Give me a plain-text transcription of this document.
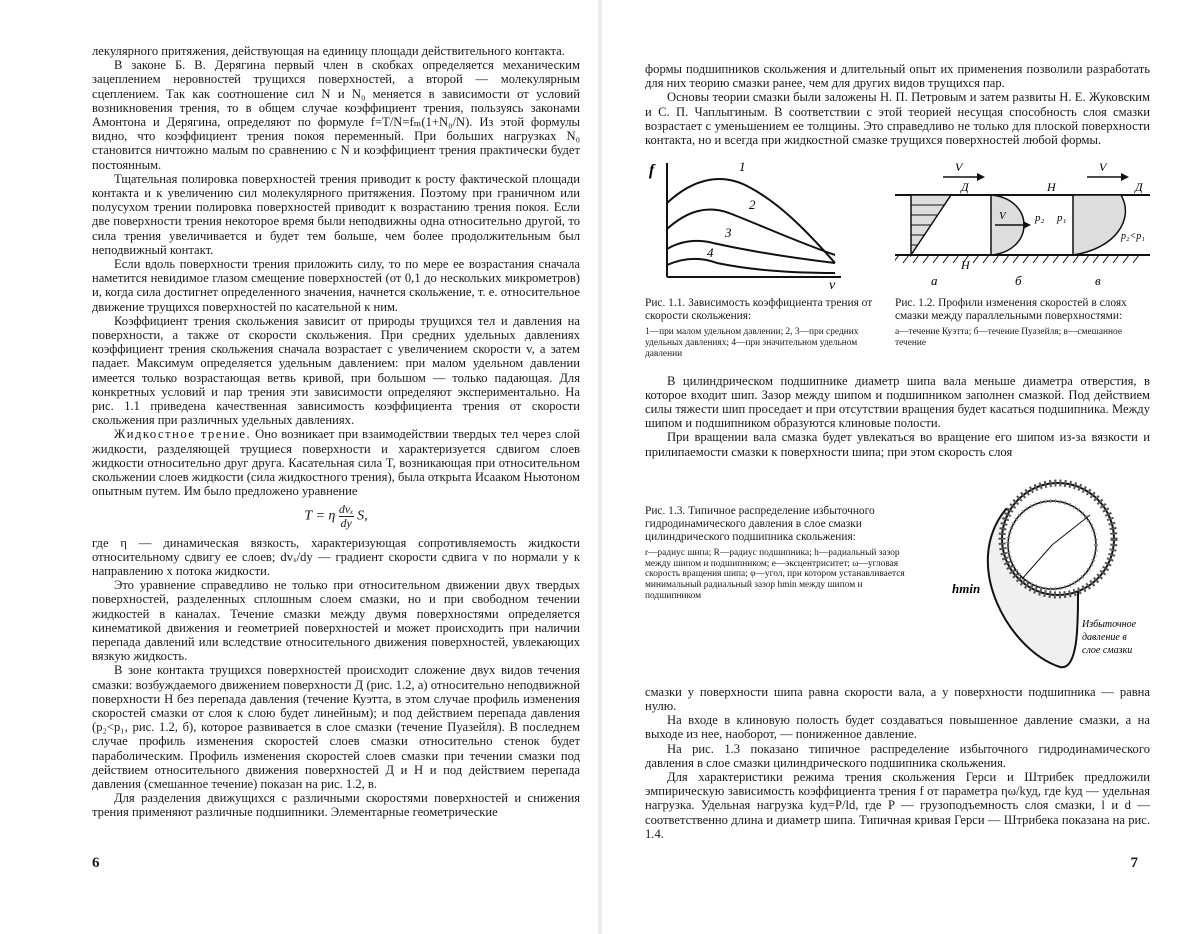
лекулярного притяжения, действующая на единицу площади действительного контакта.

В законе Б. В. Дерягина первый член в скобках определяется механическим зацеплением неровностей трущихся поверхностей, а второй — молекулярным сцеплением. Так как соотношение сил N и N₀ меняется в зависимости от условий возникновения трения, то в общем случае коэффициент трения, пользуясь законами Амонтона и Дерягина, определяют по формуле f=T/N=fₘ(1+N₀/N). Из этой формулы видно, что коэффициент трения покоя переменный. При больших нагрузках N₀ становится ничтожно малым по сравнению с N и коэффициент трения практически будет постоянным.

Тщательная полировка поверхностей трения приводит к росту фактической площади контакта и к увеличению сил молекулярного притяжения. Поэтому при граничном или полусухом трении полировка поверхностей приводит к возрастанию трения покоя. Если две поверхности трения некоторое время были неподвижны одна относительно другой, то сила трения увеличивается и будет тем больше, чем более продолжительным был неподвижный контакт.

Если вдоль поверхности трения приложить силу, то по мере ее возрастания сначала наметится невидимое глазом смещение поверхностей (от 0,1 до нескольких микрометров) и, когда сила достигнет определенного значения, начнется скольжение, т. е. относительное движение трущихся поверхностей по касательной к ним.

Коэффициент трения скольжения зависит от природы трущихся тел и давления на поверхности, а также от скорости скольжения. При средних удельных давлениях коэффициент трения скольжения сначала возрастает с увеличением скорости v, а затем падает. Максимум определяется удельным давлением: при малом удельном давлении имеется только возрастающая ветвь кривой, при большом — только падающая. Для конкретных условий и пар трения эти зависимости определяют экспериментально. На рис. 1.1 приведена качественная зависимость коэффициента трения от скорости скольжения при различных удельных давлениях.

Жидкостное трение. Оно возникает при взаимодействии твердых тел через слой жидкости, разделяющей трущиеся поверхности и характеризуется сдвигом слоев жидкости относительно друг друга. Касательная сила T, возникающая при относительном скольжении слоев жидкости (сила жидкостного трения), была открыта Исааком Ньютоном опытным путем. Им было предложено уравнение

T = η $\frac{\text{dvₓ}}{dy} S$,

где η — динамическая вязкость, характеризующая сопротивляемость жидкости относительному сдвигу ее слоев; dvₓ/dy — градиент скорости сдвига v по нормали y к направлению x потока жидкости.

Это уравнение справедливо не только при относительном движении двух твердых поверхностей, разделенных сплошным слоем смазки, но и при свободном течении жидкостей в каналах. Течение смазки между двумя поверхностями определяется кинематикой движения и геометрией поверхностей и может происходить при наличии перепада давлений или вследствие относительного движения поверхностей, увлекающих вязкую жидкость.

В зоне контакта трущихся поверхностей происходит сложение двух видов течения смазки: возбуждаемого движением поверхности Д (рис. 1.2, а) относительно неподвижной поверхности Н без перепада давления (течение Куэтта, в этом случае профиль изменения скоростей смазки от слоя к слою будет линейным); и под действием перепада давления (p₂<p₁, рис. 1.2, б), которое развивается в слое смазки (течение Пуазейля). В последнем случае профиль изменения скоростей слоев смазки относительно стенок будет параболическим. Профиль изменения скоростей слоев смазки при течении смазки под действием относительного движения поверхностей Д и Н и под действием перепада давления (смешанное течение) показан на рис. 1.2, в.

Для разделения движущихся с различными скоростями поверхностей и снижения трения применяют различные подшипники. Элементарные геометрические

6

формы подшипников скольжения и длительный опыт их применения позволили разработать для них теорию смазки ранее, чем для других видов трущихся пар.

Основы теории смазки были заложены Н. П. Петровым и затем развиты Н. Е. Жуковским и С. П. Чаплыгиным. В соответствии с этой теорией несущая способность слоя смазки возрастает с уменьшением ее толщины. Это справедливо не только для плоской поверхности контакта, но и всегда при жидкостной смазке трущихся поверхностей любой формы.

f
v
1
2
3
4
Рис. 1.1. Зависимость коэффициента трения от скорости скольжения:
1—при малом удельном давлении; 2, 3—при средних удельных давлениях; 4—при значительном удельном давлении
V
Д
Н
V
Д
Н
V	p₂ p₁
p₂<p₁
а	б	в
Рис. 1.2. Профили изменения скоростей в слоях смазки между параллельными поверхностями:
а—течение Куэтта; б—течение Пуазейля; в—смешанное течение

В цилиндрическом подшипнике диаметр шипа вала меньше диаметра отверстия, в которое входит шип. Зазор между шипом и подшипником заполнен смазкой. Под действием силы тяжести шип проседает и при отсутствии вращения будет касаться подшипника. Между шипом и подшипником образуются клиновые полости.

При вращении вала смазка будет увлекаться во вращение его шипом из-за вязкости и прилипаемости смазки к поверхности шипа; при этом скорость слоя

Рис. 1.3. Типичное распределение избыточного гидродинамического давления в слое смазки цилиндрического подшипника скольжения:
r—радиус шипа; R—радиус подшипника; h—радиальный зазор между шипом и подшипником; e—эксцентриситет; ω—угловая скорость вращения шипа; φ—угол, при котором устанавливается минимальный радиальный зазор hmin между шипом и подшипником
hmin
Избыточное
давление в
слое смазки

смазки у поверхности шипа равна скорости вала, а у поверхности подшипника — равна нулю.

На входе в клиновую полость будет создаваться повышенное давление смазки, а на выходе из нее, наоборот, — пониженное давление.

На рис. 1.3 показано типичное распределение избыточного гидродинамического давления в слое смазки цилиндрического подшипника скольжения.

Для характеристики режима трения скольжения Герси и Штрибек предложили эмпирическую зависимость коэффициента трения f от параметра ηω/kуд, где kуд — удельная нагрузка. Удельная нагрузка kуд=P/ld, где P — грузоподъемность слоя смазки, l и d — соответственно длина и диаметр шипа. Типичная кривая Герси — Штрибека показана на рис. 1.4.

7
